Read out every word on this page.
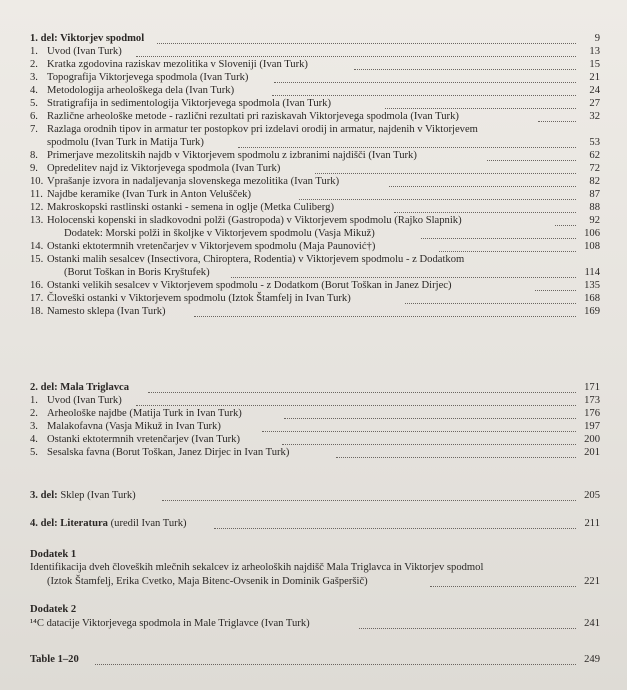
1. del: Viktorjev spodmol	9
1. Uvod (Ivan Turk)	13
2. Kratka zgodovina raziskav mezolitika v Sloveniji (Ivan Turk)	15
3. Topografija Viktorjevega spodmola (Ivan Turk)	21
4. Metodologija arheološkega dela (Ivan Turk)	24
5. Stratigrafija in sedimentologija Viktorjevega spodmola (Ivan Turk)	27
6. Različne arheološke metode - različni rezultati pri raziskavah Viktorjevega spodmola (Ivan Turk)	32
7. Razlaga orodnih tipov in armatur ter postopkov pri izdelavi orodij in armatur, najdenih v Viktorjevem
spodmolu (Ivan Turk in Matija Turk)	53
8. Primerjave mezolitskih najdb v Viktorjevem spodmolu z izbranimi najdišči (Ivan Turk)	62
9. Opredelitev najd iz Viktorjevega spodmola (Ivan Turk)	72
10. Vprašanje izvora in nadaljevanja slovenskega mezolitika (Ivan Turk)	82
11. Najdbe keramike (Ivan Turk in Anton Velušček)	87
12. Makroskopski rastlinski ostanki - semena in oglje (Metka Culiberg)	88
13. Holocenski kopenski in sladkovodni polži (Gastropoda) v Viktorjevem spodmolu (Rajko Slapnik)	92
Dodatek: Morski polži in školjke v Viktorjevem spodmolu (Vasja Mikuž)	106
14. Ostanki ektotermnih vretenčarjev v Viktorjevem spodmolu (Maja Paunović†)	108
15. Ostanki malih sesalcev (Insectivora, Chiroptera, Rodentia) v Viktorjevem spodmolu - z Dodatkom
(Borut Toškan in Boris Kryštufek)	114
16. Ostanki velikih sesalcev v Viktorjevem spodmolu - z Dodatkom (Borut Toškan in Janez Dirjec)	135
17. Človeški ostanki v Viktorjevem spodmolu (Iztok Štamfelj in Ivan Turk)	168
18. Namesto sklepa (Ivan Turk)	169
2. del: Mala Triglavca	171
1. Uvod (Ivan Turk)	173
2. Arheološke najdbe (Matija Turk in Ivan Turk)	176
3. Malakofavna (Vasja Mikuž in Ivan Turk)	197
4. Ostanki ektotermnih vretenčarjev (Ivan Turk)	200
5. Sesalska favna (Borut Toškan, Janez Dirjec in Ivan Turk)	201
3. del: Sklep (Ivan Turk)	205
4. del: Literatura (uredil Ivan Turk)	211
Dodatek 1
Identifikacija dveh človeških mlečnih sekalcev iz arheoloških najdišč Mala Triglavca in Viktorjev spodmol
(Iztok Štamfelj, Erika Cvetko, Maja Bitenc-Ovsenik in Dominik Gašperšič)	221
Dodatek 2
¹⁴C datacije Viktorjevega spodmola in Male Triglavce (Ivan Turk)	241
Table 1–20	249
